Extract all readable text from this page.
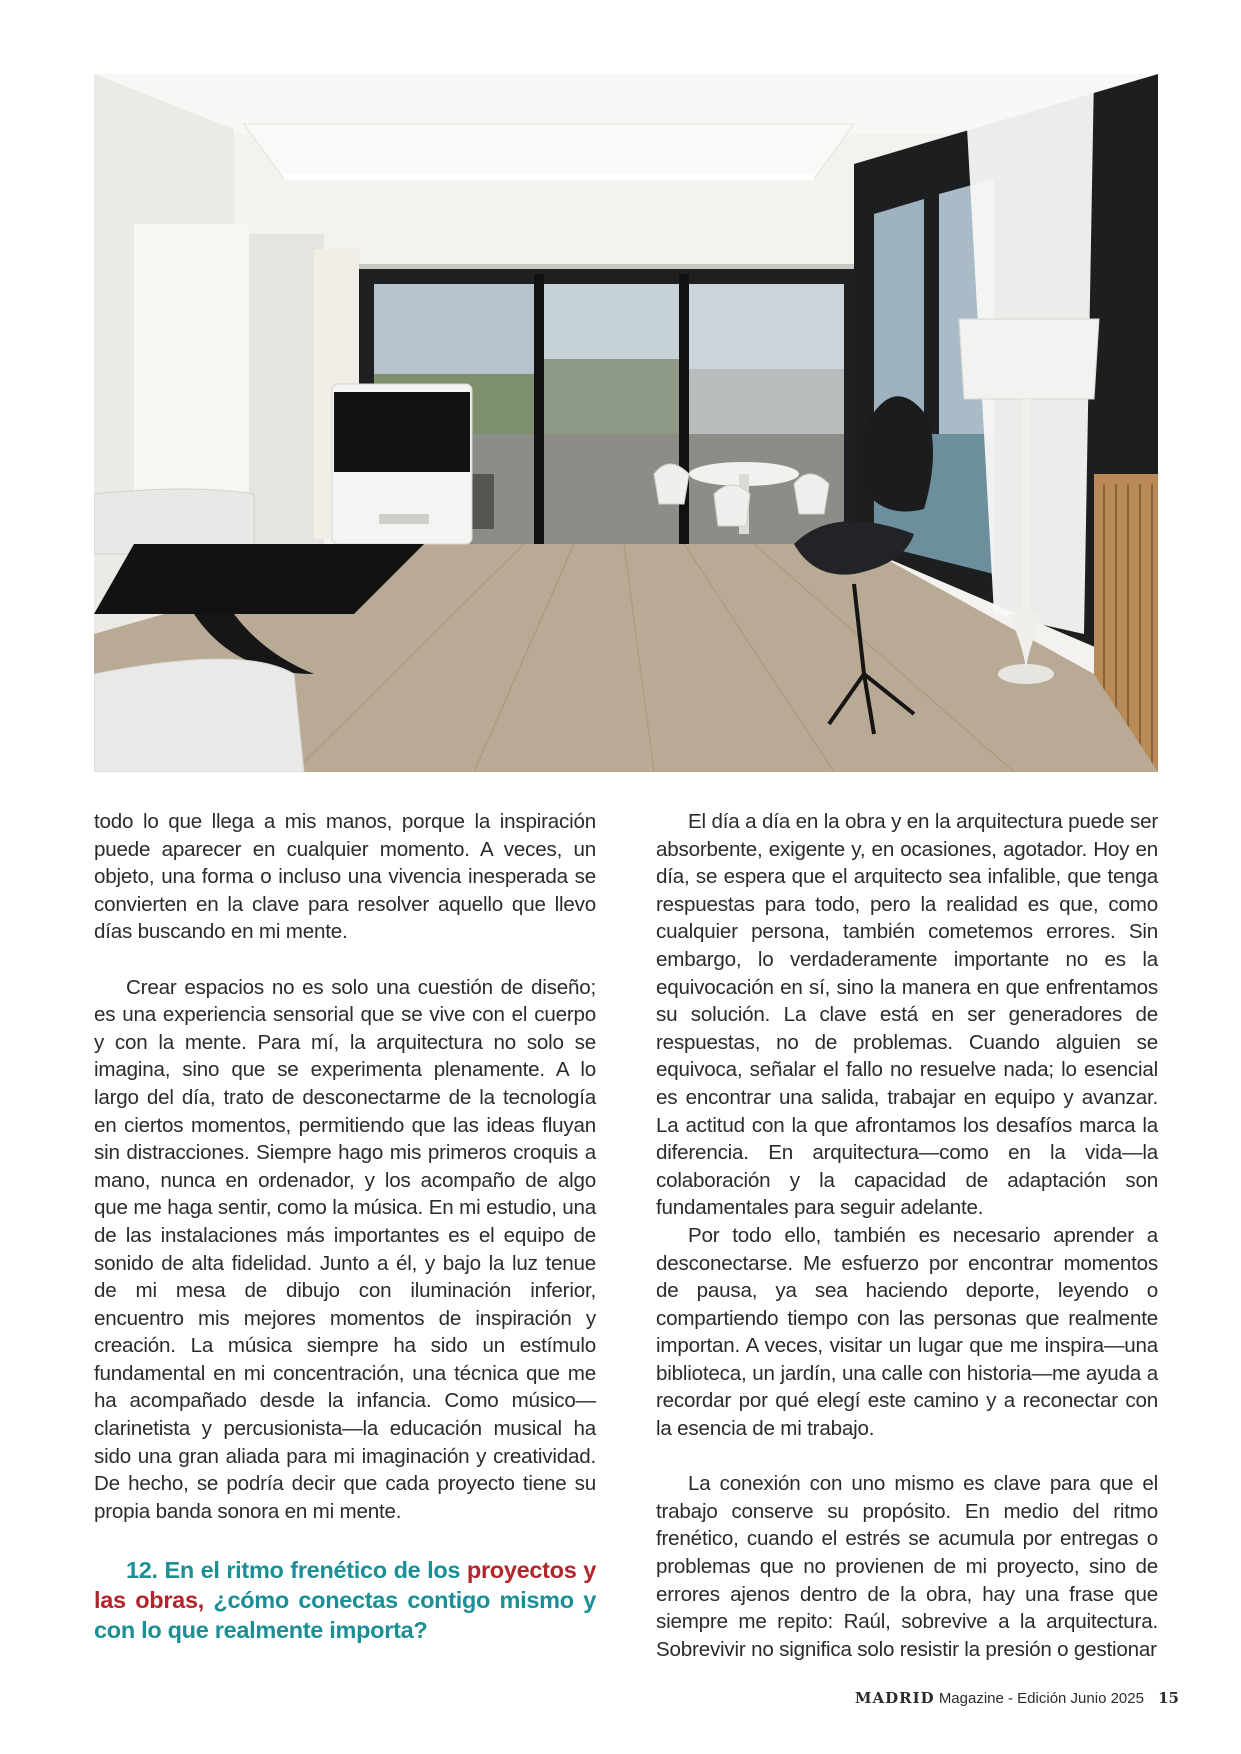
todo lo que llega a mis manos, porque la inspiración puede aparecer en cualquier momento. A veces, un objeto, una forma o incluso una vivencia inesperada se convierten en la clave para resolver aquello que llevo días buscando en mi mente.

Crear espacios no es solo una cuestión de diseño; es una experiencia sensorial que se vive con el cuerpo y con la mente. Para mí, la arquitectura no solo se imagina, sino que se experimenta plenamente. A lo largo del día, trato de desconectarme de la tecnología en ciertos momentos, permitiendo que las ideas fluyan sin distracciones. Siempre hago mis primeros croquis a mano, nunca en ordenador, y los acompaño de algo que me haga sentir, como la música. En mi estudio, una de las instalaciones más importantes es el equipo de sonido de alta fidelidad. Junto a él, y bajo la luz tenue de mi mesa de dibujo con iluminación inferior, encuentro mis mejores momentos de inspiración y creación. La música siempre ha sido un estímulo fundamental en mi concentración, una técnica que me ha acompañado desde la infancia. Como músico—clarinetista y percusionista—la educación musical ha sido una gran aliada para mi imaginación y creatividad. De hecho, se podría decir que cada proyecto tiene su propia banda sonora en mi mente.

12. En el ritmo frenético de los proyectos y las obras, ¿cómo conectas contigo mismo y con lo que realmente importa?

El día a día en la obra y en la arquitectura puede ser absorbente, exigente y, en ocasiones, agotador. Hoy en día, se espera que el arquitecto sea infalible, que tenga respuestas para todo, pero la realidad es que, como cualquier persona, también cometemos errores. Sin embargo, lo verdaderamente importante no es la equivocación en sí, sino la manera en que enfrentamos su solución. La clave está en ser generadores de respuestas, no de problemas. Cuando alguien se equivoca, señalar el fallo no resuelve nada; lo esencial es encontrar una salida, trabajar en equipo y avanzar. La actitud con la que afrontamos los desafíos marca la diferencia. En arquitectura—como en la vida—la colaboración y la capacidad de adaptación son fundamentales para seguir adelante.

Por todo ello, también es necesario aprender a desconectarse. Me esfuerzo por encontrar momentos de pausa, ya sea haciendo deporte, leyendo o compartiendo tiempo con las personas que realmente importan. A veces, visitar un lugar que me inspira—una biblioteca, un jardín, una calle con historia—me ayuda a recordar por qué elegí este camino y a reconectar con la esencia de mi trabajo.

La conexión con uno mismo es clave para que el trabajo conserve su propósito. En medio del ritmo frenético, cuando el estrés se acumula por entregas o problemas que no provienen de mi proyecto, sino de errores ajenos dentro de la obra, hay una frase que siempre me repito: Raúl, sobrevive a la arquitectura. Sobrevivir no significa solo resistir la presión o gestionar

MADRID Magazine - Edición Junio 2025 15
